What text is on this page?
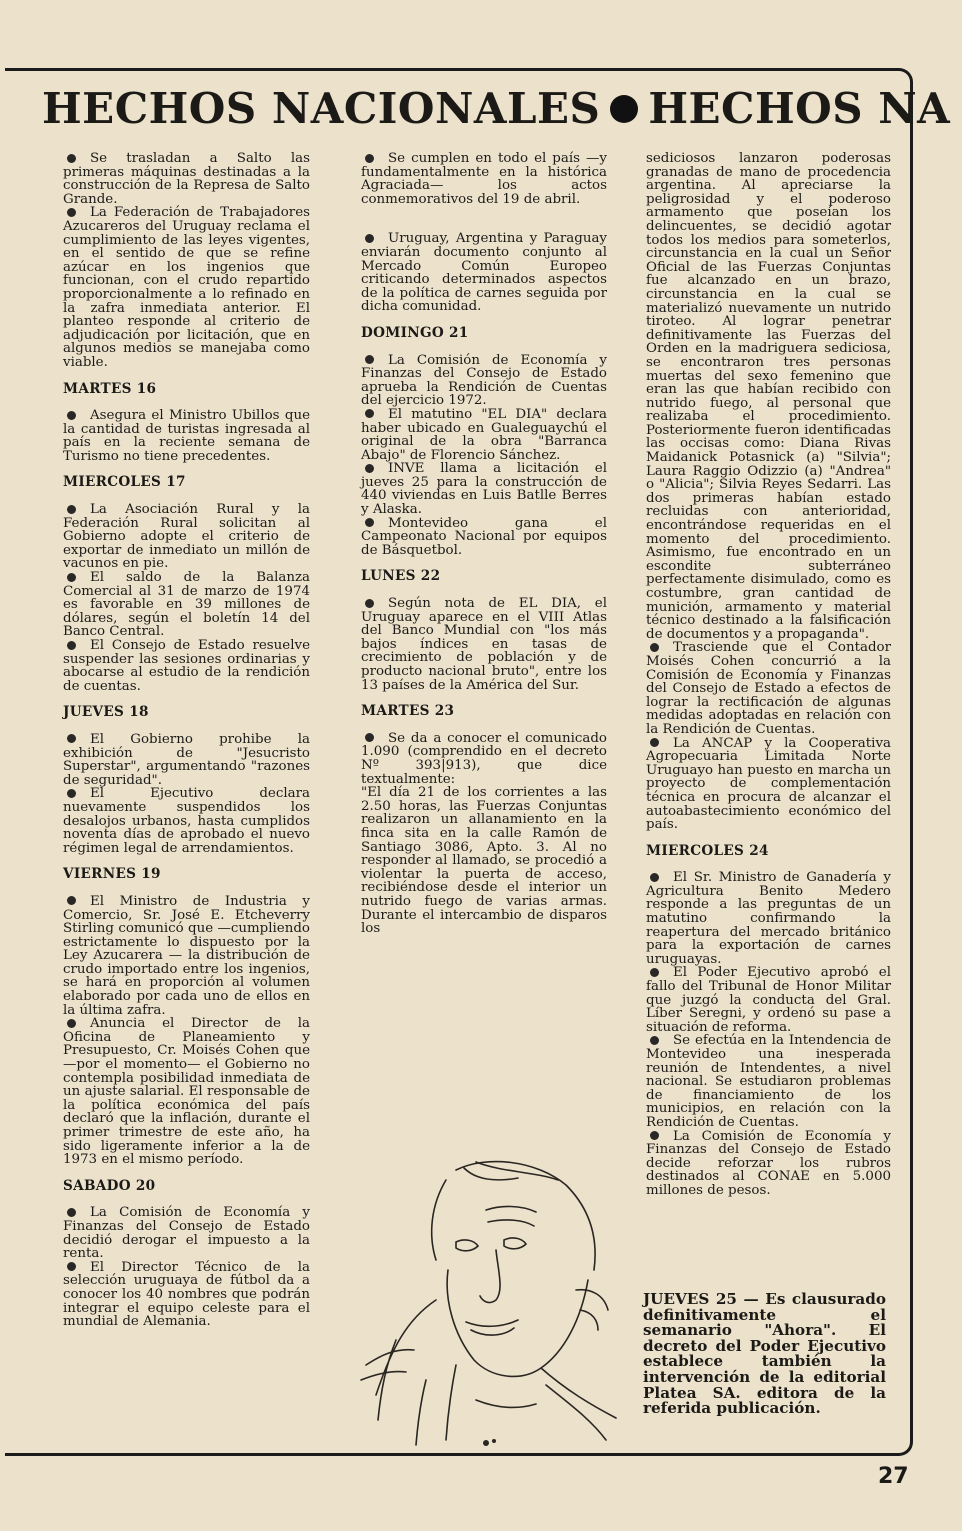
HECHOS NACIONALES HECHOS NA

Se trasladan a Salto las primeras máquinas destinadas a la construcción de la Represa de Salto Grande.

La Federación de Trabajadores Azucareros del Uruguay reclama el cumplimiento de las leyes vigentes, en el sentido de que se refine azúcar en los ingenios que funcionan, con el crudo repartido proporcionalmente a lo refinado en la zafra inmediata anterior. El planteo responde al criterio de adjudicación por licitación, que en algunos medios se manejaba como viable.

MARTES 16

Asegura el Ministro Ubillos que la cantidad de turistas ingresada al país en la reciente semana de Turismo no tiene precedentes.

MIERCOLES 17

La Asociación Rural y la Federación Rural solicitan al Gobierno adopte el criterio de exportar de inmediato un millón de vacunos en pie.

El saldo de la Balanza Comercial al 31 de marzo de 1974 es favorable en 39 millones de dólares, según el boletín 14 del Banco Central.

El Consejo de Estado resuelve suspender las sesiones ordinarias y abocarse al estudio de la rendición de cuentas.

JUEVES 18

El Gobierno prohibe la exhibición de "Jesucristo Superstar", argumentando "razones de seguridad".

El Ejecutivo declara nuevamente suspendidos los desalojos urbanos, hasta cumplidos noventa días de aprobado el nuevo régimen legal de arrendamientos.

VIERNES 19

El Ministro de Industria y Comercio, Sr. José E. Etcheverry Stirling comunicó que —cumpliendo estrictamente lo dispuesto por la Ley Azucarera — la distribución de crudo importado entre los ingenios, se hará en proporción al volumen elaborado por cada uno de ellos en la última zafra.

Anuncia el Director de la Oficina de Planeamiento y Presupuesto, Cr. Moisés Cohen que —por el momento— el Gobierno no contempla posibilidad inmediata de un ajuste salarial. El responsable de la política económica del país declaró que la inflación, durante el primer trimestre de este año, ha sido ligeramente inferior a la de 1973 en el mismo período.

SABADO 20

La Comisión de Economía y Finanzas del Consejo de Estado decidió derogar el impuesto a la renta.

El Director Técnico de la selección uruguaya de fútbol da a conocer los 40 nombres que podrán integrar el equipo celeste para el mundial de Alemania.

Se cumplen en todo el país —y fundamentalmente en la histórica Agraciada— los actos conmemorativos del 19 de abril.

Uruguay, Argentina y Paraguay enviarán documento conjunto al Mercado Común Europeo criticando determinados aspectos de la política de carnes seguida por dicha comunidad.

DOMINGO 21

La Comisión de Economía y Finanzas del Consejo de Estado aprueba la Rendición de Cuentas del ejercicio 1972.

El matutino "EL DIA" declara haber ubicado en Gualeguaychú el original de la obra "Barranca Abajo" de Florencio Sánchez.

INVE llama a licitación el jueves 25 para la construcción de 440 viviendas en Luis Batlle Berres y Alaska.

Montevideo gana el Campeonato Nacional por equipos de Básquetbol.

LUNES 22

Según nota de EL DIA, el Uruguay aparece en el VIII Atlas del Banco Mundial con "los más bajos índices en tasas de crecimiento de población y de producto nacional bruto", entre los 13 países de la América del Sur.

MARTES 23

Se da a conocer el comunicado 1.090 (comprendido en el decreto Nº 393|913), que dice textualmente:

"El día 21 de los corrientes a las 2.50 horas, las Fuerzas Conjuntas realizaron un allanamiento en la finca sita en la calle Ramón de Santiago 3086, Apto. 3. Al no responder al llamado, se procedió a violentar la puerta de acceso, recibiéndose desde el interior un nutrido fuego de varias armas. Durante el intercambio de disparos los

sediciosos lanzaron poderosas granadas de mano de procedencia argentina. Al apreciarse la peligrosidad y el poderoso armamento que poseían los delincuentes, se decidió agotar todos los medios para someterlos, circunstancia en la cual un Señor Oficial de las Fuerzas Conjuntas fue alcanzado en un brazo, circunstancia en la cual se materializó nuevamente un nutrido tiroteo. Al lograr penetrar definitivamente las Fuerzas del Orden en la madriguera sediciosa, se encontraron tres personas muertas del sexo femenino que eran las que habían recibido con nutrido fuego, al personal que realizaba el procedimiento. Posteriormente fueron identificadas las occisas como: Diana Rivas Maidanick Potasnick (a) "Silvia"; Laura Raggio Odizzio (a) "Andrea" o "Alicia"; Silvia Reyes Sedarri. Las dos primeras habían estado recluidas con anterioridad, encontrándose requeridas en el momento del procedimiento. Asimismo, fue encontrado en un escondite subterráneo perfectamente disimulado, como es costumbre, gran cantidad de munición, armamento y material técnico destinado a la falsificación de documentos y a propaganda".

Trasciende que el Contador Moisés Cohen concurrió a la Comisión de Economía y Finanzas del Consejo de Estado a efectos de lograr la rectificación de algunas medidas adoptadas en relación con la Rendición de Cuentas.

La ANCAP y la Cooperativa Agropecuaria Limitada Norte Uruguayo han puesto en marcha un proyecto de complementación técnica en procura de alcanzar el autoabastecimiento económico del país.

MIERCOLES 24

El Sr. Ministro de Ganadería y Agricultura Benito Medero responde a las preguntas de un matutino confirmando la reapertura del mercado británico para la exportación de carnes uruguayas.

El Poder Ejecutivo aprobó el fallo del Tribunal de Honor Militar que juzgó la conducta del Gral. Líber Seregni, y ordenó su pase a situación de reforma.

Se efectúa en la Intendencia de Montevideo una inesperada reunión de Intendentes, a nivel nacional. Se estudiaron problemas de financiamiento de los municipios, en relación con la Rendición de Cuentas.

La Comisión de Economía y Finanzas del Consejo de Estado decide reforzar los rubros destinados al CONAE en 5.000 millones de pesos.

JUEVES 25 — Es clausurado definitivamente el semanario "Ahora". El decreto del Poder Ejecutivo establece también la intervención de la editorial Platea SA. editora de la referida publicación.
27
